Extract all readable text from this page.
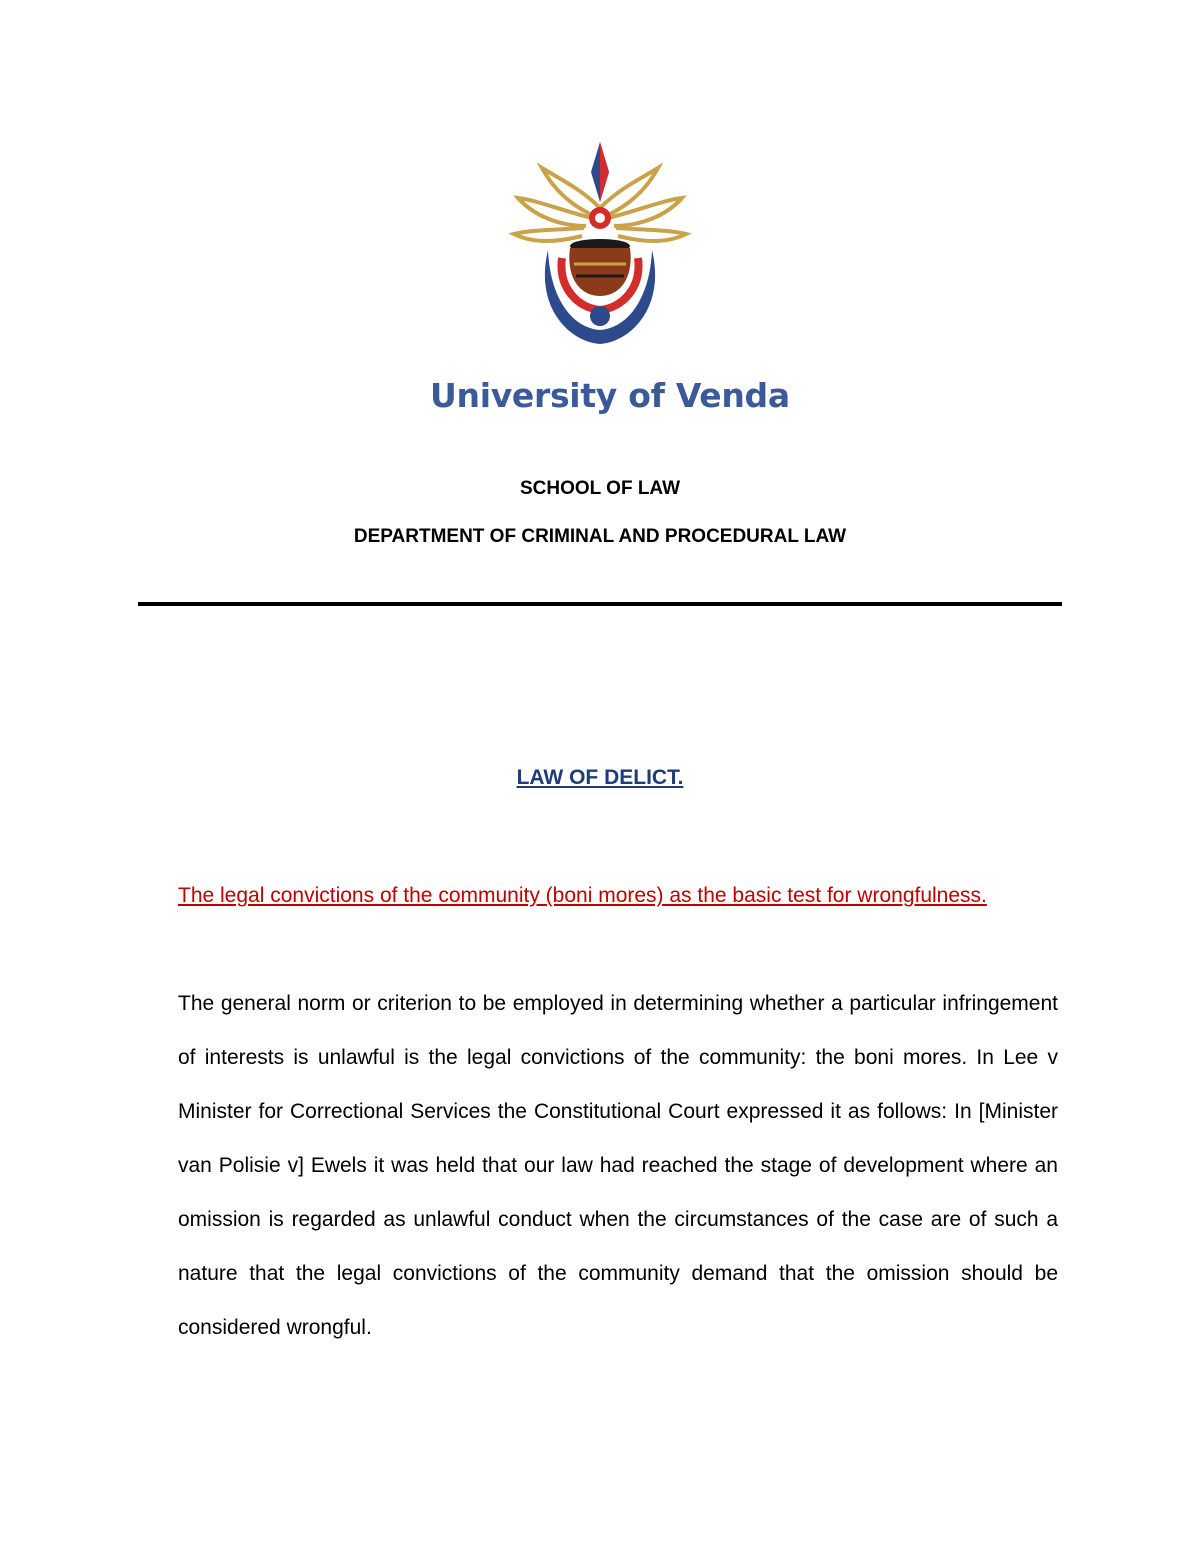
University of Venda
SCHOOL OF LAW
DEPARTMENT OF CRIMINAL AND PROCEDURAL LAW
LAW OF DELICT.
The legal convictions of the community (boni mores) as the basic test for wrongfulness.
The general norm or criterion to be employed in determining whether a particular infringement of interests is unlawful is the legal convictions of the community: the boni mores. In Lee v Minister for Correctional Services the Constitutional Court expressed it as follows: In [Minister van Polisie v] Ewels it was held that our law had reached the stage of development where an omission is regarded as unlawful conduct when the circumstances of the case are of such a nature that the legal convictions of the community demand that the omission should be considered wrongful.
